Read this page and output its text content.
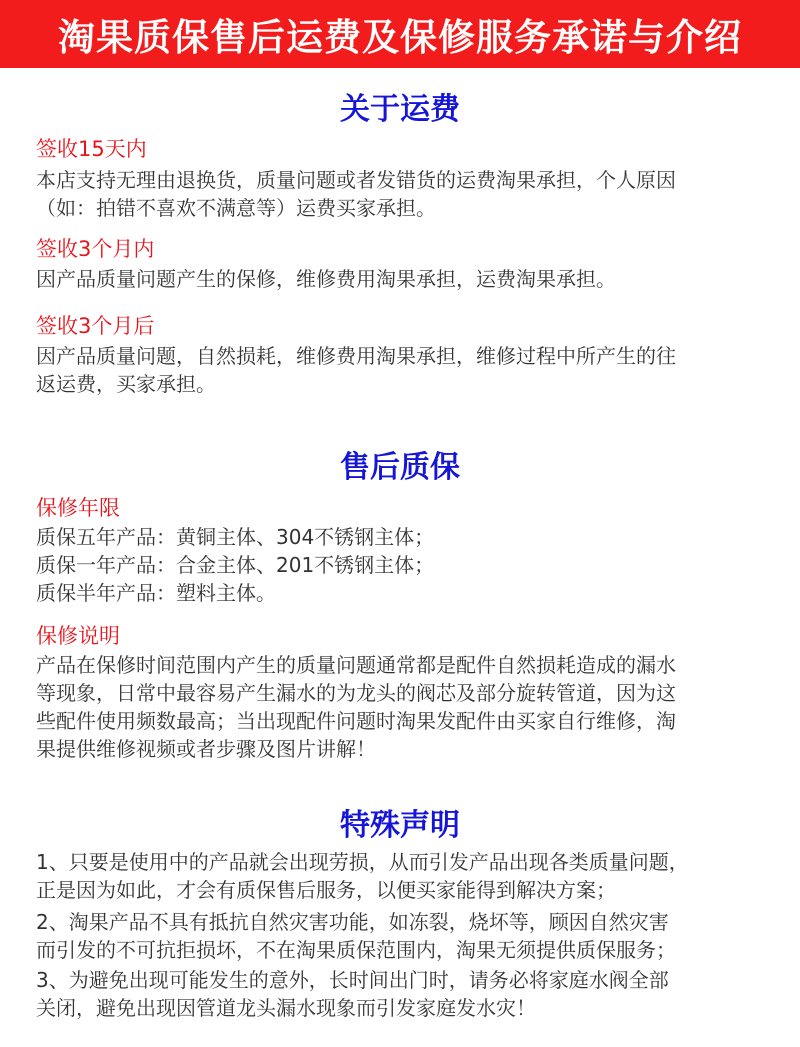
淘果质保售后运费及保修服务承诺与介绍
关于运费
签收15天内

本店支持无理由退换货，质量问题或者发错货的运费淘果承担，个人原因
（如：拍错不喜欢不满意等）运费买家承担。

签收3个月内

因产品质量问题产生的保修，维修费用淘果承担，运费淘果承担。

签收3个月后

因产品质量问题，自然损耗，维修费用淘果承担，维修过程中所产生的往
返运费，买家承担。

售后质保
保修年限

质保五年产品：黄铜主体、304不锈钢主体；
质保一年产品：合金主体、201不锈钢主体；
质保半年产品：塑料主体。

保修说明

产品在保修时间范围内产生的质量问题通常都是配件自然损耗造成的漏水
等现象，日常中最容易产生漏水的为龙头的阀芯及部分旋转管道，因为这
些配件使用频数最高；当出现配件问题时淘果发配件由买家自行维修，淘
果提供维修视频或者步骤及图片讲解！

特殊声明

1、只要是使用中的产品就会出现劳损，从而引发产品出现各类质量问题，
正是因为如此，才会有质保售后服务，以便买家能得到解决方案；

2、淘果产品不具有抵抗自然灾害功能，如冻裂，烧坏等，顾因自然灾害
而引发的不可抗拒损坏，不在淘果质保范围内，淘果无须提供质保服务；

3、为避免出现可能发生的意外，长时间出门时，请务必将家庭水阀全部
关闭，避免出现因管道龙头漏水现象而引发家庭发水灾！
